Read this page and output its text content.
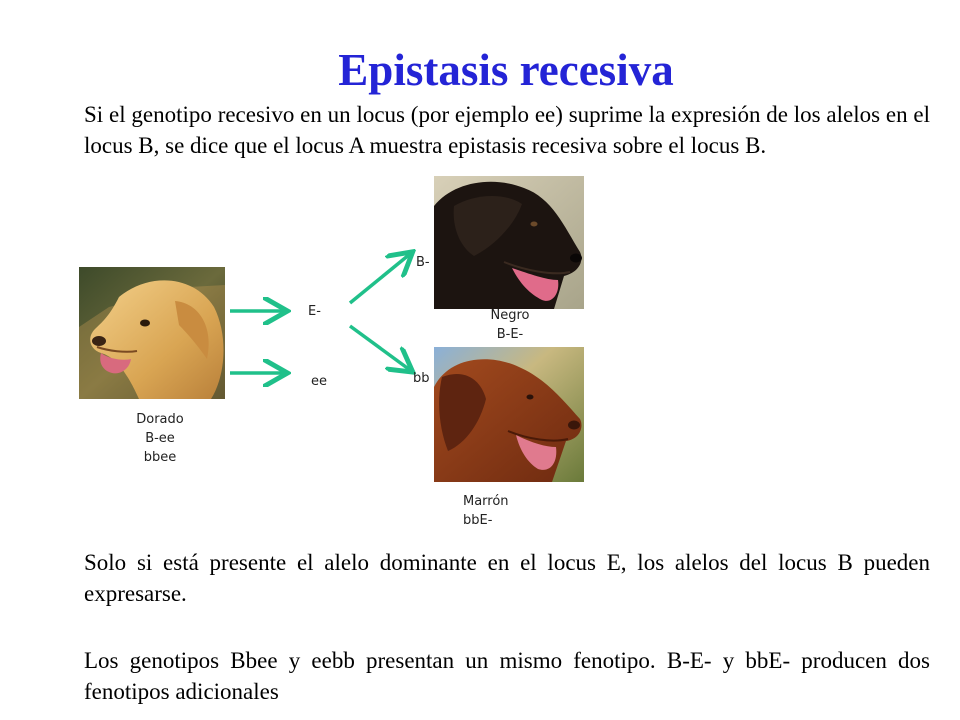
Epistasis recesiva
Si el genotipo recesivo en un locus (por ejemplo ee) suprime la expresión de los alelos en el locus B, se dice que el locus A muestra epistasis recesiva sobre el locus B.
Dorado
B-ee
bbee
E-
ee
B-
bb
Negro
B-E-
Marrón
bbE-
Solo si está presente el alelo dominante en el locus E, los alelos del locus B pueden expresarse.
Los genotipos Bbee y eebb presentan un mismo fenotipo. B-E- y bbE- producen dos fenotipos adicionales
